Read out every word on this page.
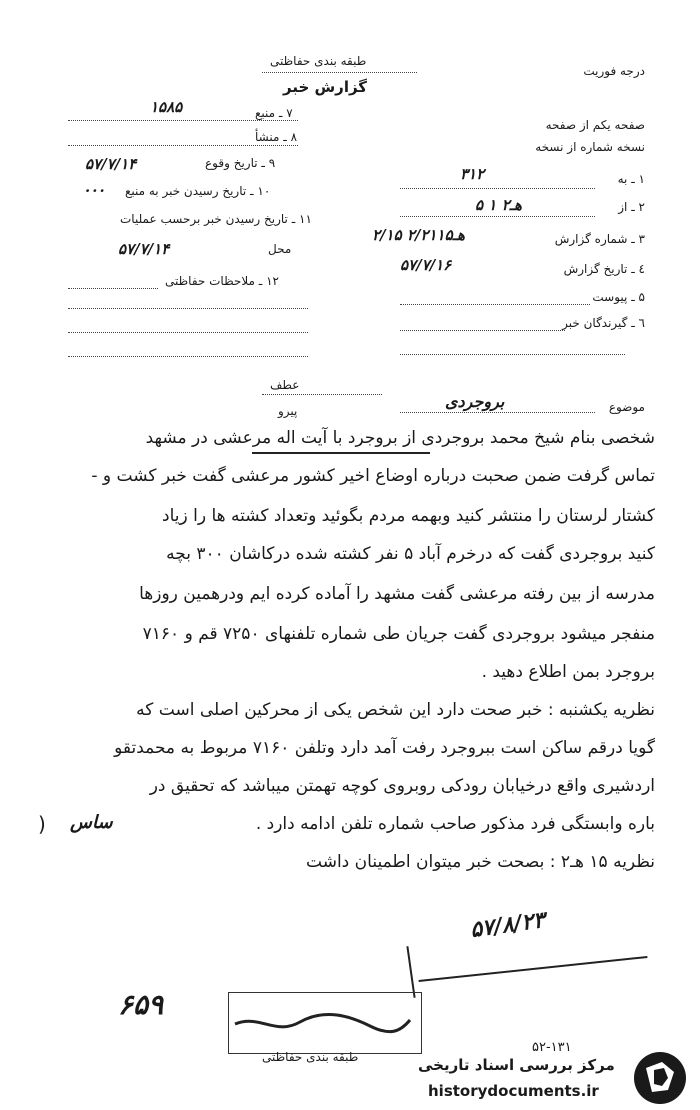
درجه فوریت
طبقه بندی حفاظتی
گزارش خبر
صفحه یکم از صفحه
نسخه شماره از نسخه
۱۵۸۵	۷ ـ منبع
۸ ـ منشأ
۵۷/۷/۱۴	۹ ـ تاریخ وقوع
...	۱۰ ـ تاریخ رسیدن خبر به منبع
۱۱ ـ تاریخ رسیدن خبر برحسب عملیات
۵۷/۷/۱۴	محل
۱۲ ـ ملاحظات حفاظتی
۳۱۲	۱ ـ به
۵ ۱ هـ۲	۲ ـ از
۲/۱۵ هـ۲/۲۱۱۵	۳ ـ شماره گزارش
۵۷/۷/۱۶	٤ ـ تاریخ گزارش
۵ ـ پیوست
٦ ـ گیرندگان خبر
عطف
پیرو	موضوع
بروجردی
شخصی بنام شیخ محمد بروجردی از بروجرد با آیت اله مرعشی در مشهد
تماس گرفت ضمن صحبت درباره اوضاع اخیر کشور مرعشی گفت خبر کشت و -
کشتار لرستان را منتشر کنید وبهمه مردم بگوئید وتعداد کشته ها را زیاد
کنید بروجردی گفت که درخرم آباد ۵ نفر کشته شده درکاشان ۳۰۰ بچه
مدرسه از بین رفته مرعشی گفت مشهد را آماده کرده ایم ودرهمین روزها
منفجر میشود بروجردی گفت جریان طی شماره تلفنهای ۷۲۵۰ قم و ۷۱۶۰
بروجرد بمن اطلاع دهید .
نظریه یکشنبه : خبر صحت دارد این شخص یکی از محرکین اصلی است که
گویا درقم ساکن است ببروجرد رفت آمد دارد وتلفن ۷۱۶۰ مربوط به محمدتقو
اردشیری واقع درخیابان رودکی روبروی کوچه تهمتن میباشد که تحقیق در
باره وابستگی فرد مذکور صاحب شماره تلفن ادامه دارد .
ساس
)
نظریه ۱۵ هـ۲ : بصحت خبر میتوان اطمینان داشت
۵۷/۸/۲۳
۶۵۹
طبقه بندی حفاظتی
۵۲-۱۳۱
مرکز بررسی اسناد تاریخی
historydocuments.ir
